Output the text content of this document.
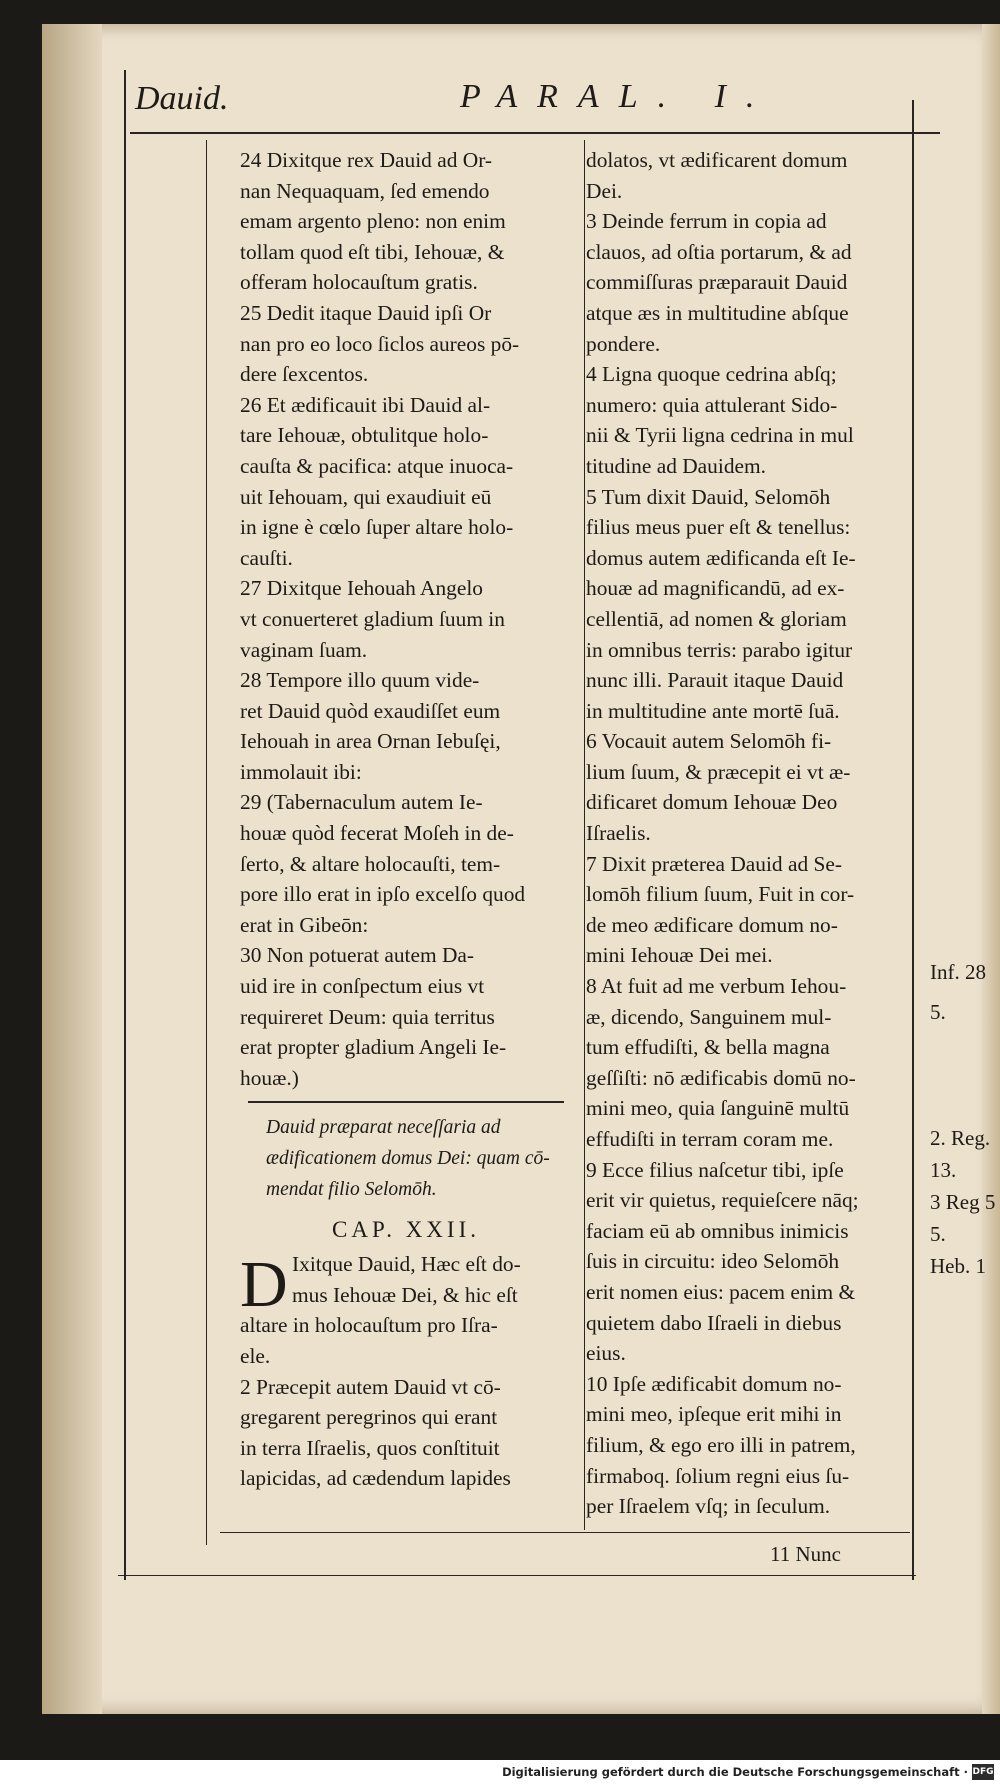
Dauid.	PARAL. I.
24 Dixitque rex Dauid ad Or-
nan Nequaquam, ſed emendo
emam argento pleno: non enim
tollam quod eſt tibi, Iehouæ, &
offeram holocauſtum gratis.
25 Dedit itaque Dauid ipſi Or
nan pro eo loco ſiclos aureos pō-
dere ſexcentos.
26 Et ædificauit ibi Dauid al-
tare Iehouæ, obtulitque holo-
cauſta & pacifica: atque inuoca-
uit Iehouam, qui exaudiuit eū
in igne è cœlo ſuper altare holo-
cauſti.
27 Dixitque Iehouah Angelo
vt conuerteret gladium ſuum in
vaginam ſuam.
28 Tempore illo quum vide-
ret Dauid quòd exaudiſſet eum
Iehouah in area Ornan Iebuſęi,
immolauit ibi:
29 (Tabernaculum autem Ie-
houæ quòd fecerat Moſeh in de-
ſerto, & altare holocauſti, tem-
pore illo erat in ipſo excelſo quod
erat in Gibeōn:
30 Non potuerat autem Da-
uid ire in conſpectum eius vt
requireret Deum: quia territus
erat propter gladium Angeli Ie-
houæ.)
Dauid præparat neceſſaria ad
ædificationem domus Dei: quam cō-
mendat filio Selomōh.
CAP. XXII.
D Ixitque Dauid, Hæc eſt do-
mus Iehouæ Dei, & hic eſt
altare in holocauſtum pro Iſra-
ele.
2 Præcepit autem Dauid vt cō-
gregarent peregrinos qui erant
in terra Iſraelis, quos conſtituit
lapicidas, ad cædendum lapides
dolatos, vt ædificarent domum
Dei.
3 Deinde ferrum in copia ad
clauos, ad oſtia portarum, & ad
commiſſuras præparauit Dauid
atque æs in multitudine abſque
pondere.
4 Ligna quoque cedrina abſq;
numero: quia attulerant Sido-
nii & Tyrii ligna cedrina in mul
titudine ad Dauidem.
5 Tum dixit Dauid, Selomōh
filius meus puer eſt & tenellus:
domus autem ædificanda eſt Ie-
houæ ad magnificandū, ad ex-
cellentiā, ad nomen & gloriam
in omnibus terris: parabo igitur
nunc illi. Parauit itaque Dauid
in multitudine ante mortē ſuā.
6 Vocauit autem Selomōh fi-
lium ſuum, & præcepit ei vt æ-
dificaret domum Iehouæ Deo
Iſraelis.
7 Dixit præterea Dauid ad Se-
lomōh filium ſuum, Fuit in cor-
de meo ædificare domum no-
mini Iehouæ Dei mei.
8 At fuit ad me verbum Iehou-
æ, dicendo, Sanguinem mul-
tum effudiſti, & bella magna
geſſiſti: nō ædificabis domū no-
mini meo, quia ſanguinē multū
effudiſti in terram coram me.
9 Ecce filius naſcetur tibi, ipſe
erit vir quietus, requieſcere nāq;
faciam eū ab omnibus inimicis
ſuis in circuitu: ideo Selomōh
erit nomen eius: pacem enim &
quietem dabo Iſraeli in diebus
eius.
10 Ipſe ædificabit domum no-
mini meo, ipſeque erit mihi in
filium, & ego ero illi in patrem,
firmaboq. ſolium regni eius ſu-
per Iſraelem vſq; in ſeculum.
Inf. 28
5.
2. Reg.
13.
3 Reg 5
5.
Heb. 1
11 Nunc
Digitalisierung gefördert durch die Deutsche Forschungsgemeinschaft · DFG
